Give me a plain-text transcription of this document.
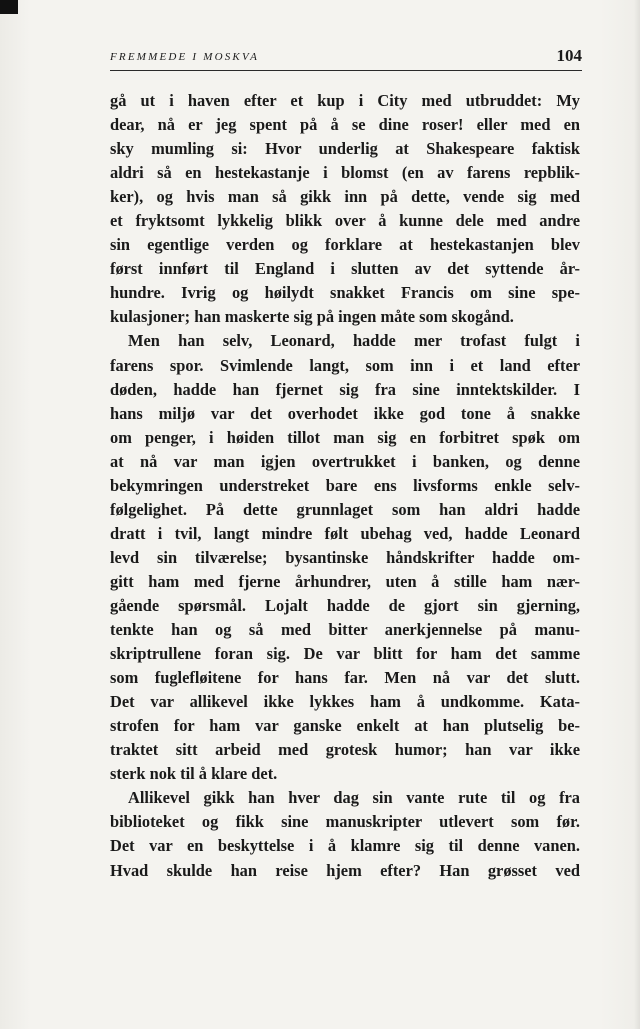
FREMMEDE I MOSKVA	104
gå ut i haven efter et kup i City med utbruddet: My
dear, nå er jeg spent på å se dine roser! eller med en
sky mumling si: Hvor underlig at Shakespeare faktisk
aldri så en hestekastanje i blomst (en av farens repblik-
ker), og hvis man så gikk inn på dette, vende sig med
et fryktsomt lykkelig blikk over å kunne dele med andre
sin egentlige verden og forklare at hestekastanjen blev
først innført til England i slutten av det syttende år-
hundre. Ivrig og høilydt snakket Francis om sine spe-
kulasjoner; han maskerte sig på ingen måte som skogånd.
Men han selv, Leonard, hadde mer trofast fulgt i
farens spor. Svimlende langt, som inn i et land efter
døden, hadde han fjernet sig fra sine inntektskilder. I
hans miljø var det overhodet ikke god tone å snakke
om penger, i høiden tillot man sig en forbitret spøk om
at nå var man igjen overtrukket i banken, og denne
bekymringen understreket bare ens livsforms enkle selv-
følgelighet. På dette grunnlaget som han aldri hadde
dratt i tvil, langt mindre følt ubehag ved, hadde Leonard
levd sin tilværelse; bysantinske håndskrifter hadde om-
gitt ham med fjerne århundrer, uten å stille ham nær-
gående spørsmål. Lojalt hadde de gjort sin gjerning,
tenkte han og så med bitter anerkjennelse på manu-
skriptrullene foran sig. De var blitt for ham det samme
som fuglefløitene for hans far. Men nå var det slutt.
Det var allikevel ikke lykkes ham å undkomme. Kata-
strofen for ham var ganske enkelt at han plutselig be-
traktet sitt arbeid med grotesk humor; han var ikke
sterk nok til å klare det.
Allikevel gikk han hver dag sin vante rute til og fra
biblioteket og fikk sine manuskripter utlevert som før.
Det var en beskyttelse i å klamre sig til denne vanen.
Hvad skulde han reise hjem efter? Han grøsset ved
